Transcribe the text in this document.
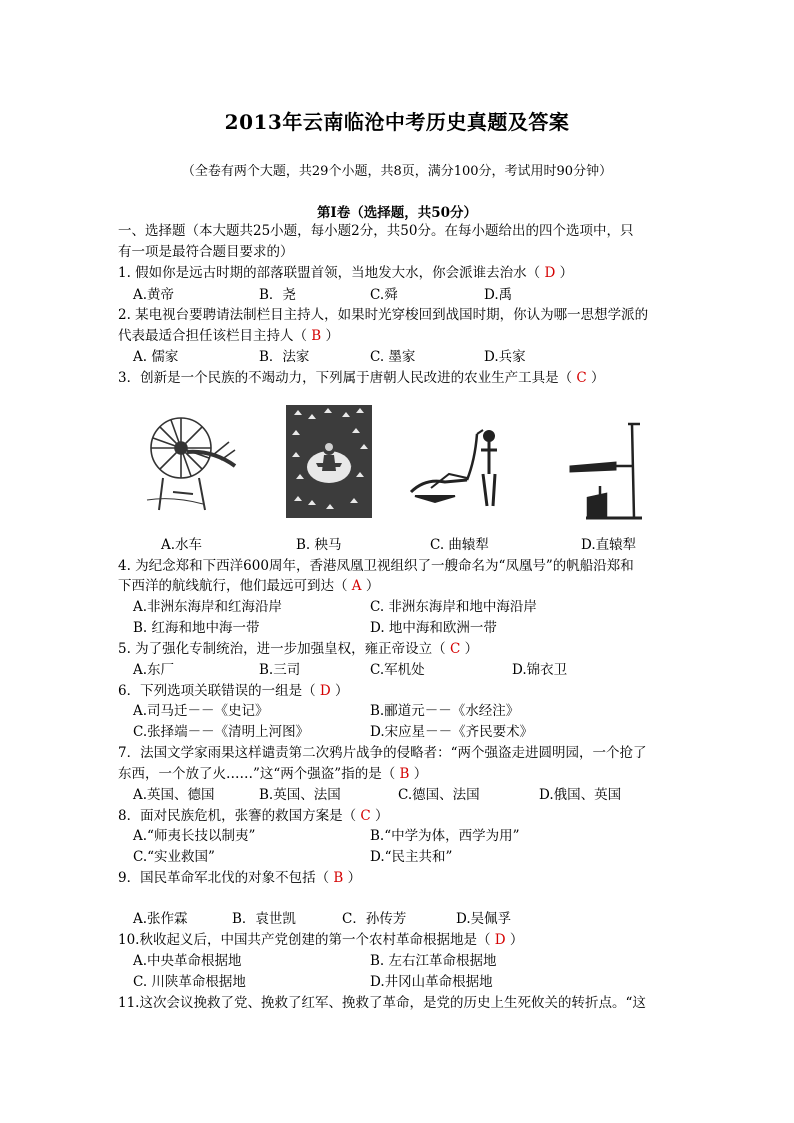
2013年云南临沧中考历史真题及答案
（全卷有两个大题，共29个小题，共8页，满分100分，考试用时90分钟）
第Ⅰ卷（选择题，共50分）
一、选择题（本大题共25小题，每小题2分，共50分。在每小题给出的四个选项中，只
有一项是最符合题目要求的）
1. 假如你是远古时期的部落联盟首领，当地发大水，你会派谁去治水（ D ）
A.黄帝	B．尧	C.舜	D.禹
2. 某电视台要聘请法制栏目主持人，如果时光穿梭回到战国时期，你认为哪一思想学派的
代表最适合担任该栏目主持人（ B ）
A. 儒家	B．法家	C. 墨家	D.兵家
3．创新是一个民族的不竭动力，下列属于唐朝人民改进的农业生产工具是（ C ）
A.水车	B. 秧马	C. 曲辕犁	D.直辕犁
4. 为纪念郑和下西洋600周年，香港凤凰卫视组织了一艘命名为“凤凰号”的帆船沿郑和
下西洋的航线航行，他们最远可到达（ A ）
A.非洲东海岸和红海沿岸	C. 非洲东海岸和地中海沿岸
B. 红海和地中海一带	D. 地中海和欧洲一带
5. 为了强化专制统治，进一步加强皇权，雍正帝设立（ C ）
A.东厂	B.三司	C.军机处	D.锦衣卫
6．下列选项关联错误的一组是（ D ）
A.司马迁－－《史记》	B.郦道元－－《水经注》
C.张择端－－《清明上河图》	D.宋应星－－《齐民要术》
7．法国文学家雨果这样谴责第二次鸦片战争的侵略者：“两个强盗走进圆明园，一个抢了
东西，一个放了火……”这“两个强盗”指的是（ B ）
A.英国、德国	B.英国、法国	C.德国、法国	D.俄国、英国
8．面对民族危机，张謇的救国方案是（ C ）
A.“师夷长技以制夷”	B.“中学为体，西学为用”
C.“实业救国”	D.“民主共和”
9．国民革命军北伐的对象不包括（ B ）
A.张作霖	B．袁世凯	C．孙传芳	D.吴佩孚
10.秋收起义后，中国共产党创建的第一个农村革命根据地是（ D ）
A.中央革命根据地	B. 左右江革命根据地
C. 川陕革命根据地	D.井冈山革命根据地
11.这次会议挽救了党、挽救了红军、挽救了革命，是党的历史上生死攸关的转折点。“这
